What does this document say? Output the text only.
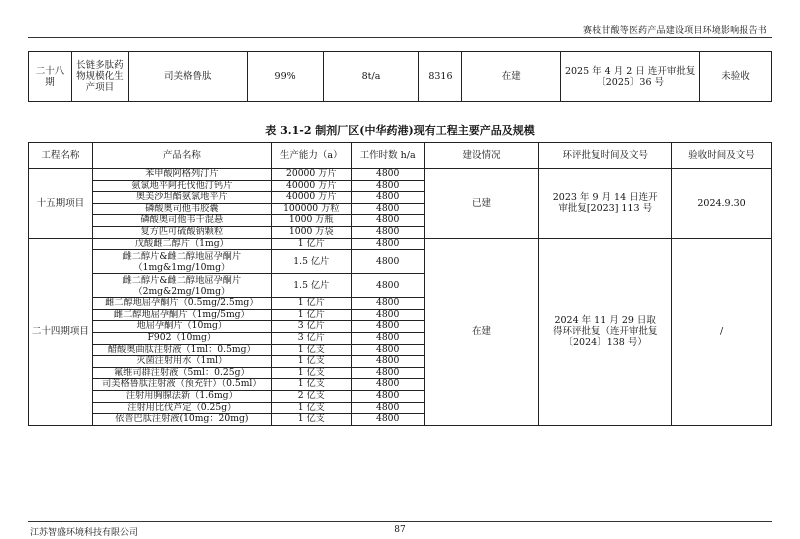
赛枝甘酸等医药产品建设项目环境影响报告书
二十八期	长链多肽药物规模化生产项目	司美格鲁肽	99%	8t/a	8316	在建	2025 年 4 月 2 日 连开审批复〔2025〕36 号	未验收
表 3.1-2 制剂厂区(中华药港)现有工程主要产品及规模
工程名称	产品名称	生产能力（a）	工作时数 h/a	建设情况	环评批复时间及文号	验收时间及文号
十五期项目	苯甲酸阿格列汀片	20000 万片	4800	已建	2023 年 9 月 14 日连开审批复[2023] 113 号	2024.9.30
	氨氯地平阿托伐他汀钙片	40000 万片	4800			
	奥美沙坦酯氨氯地平片	40000 万片	4800			
	磷酸奥司他韦胶囊	100000 万粒	4800			
	磷酸奥司他韦干混悬	1000 万瓶	4800			
	复方匹可硫酸钠颗粒	1000 万袋	4800			
二十四期项目	戊酸雌二醇片（1mg）	1 亿片	4800	在建	2024 年 11 月 29 日取得环评批复（连开审批复〔2024〕138 号）	/
	雌二醇片&雌二醇地屈孕酮片（1mg&1mg/10mg）	1.5 亿片	4800			
	雌二醇片&雌二醇地屈孕酮片（2mg&2mg/10mg）	1.5 亿片	4800			
	雌二醇地屈孕酮片（0.5mg/2.5mg）	1 亿片	4800			
	雌二醇地屈孕酮片（1mg/5mg）	1 亿片	4800			
	地屈孕酮片（10mg）	3 亿片	4800			
	F902（10mg）	3 亿片	4800			
	醋酸奥曲肽注射液（1ml：0.5mg）	1 亿支	4800			
	灭菌注射用水（1ml）	1 亿支	4800			
	氟维司群注射液（5ml：0.25g）	1 亿支	4800			
	司美格鲁肽注射液（预充针）（0.5ml）	1 亿支	4800			
	注射用胸腺法新（1.6mg）	2 亿支	4800			
	注射用比伐芦定（0.25g）	1 亿支	4800			
	依普巴肽注射液(10mg：20mg)	1 亿支	4800			
江苏智盛环境科技有限公司	87
